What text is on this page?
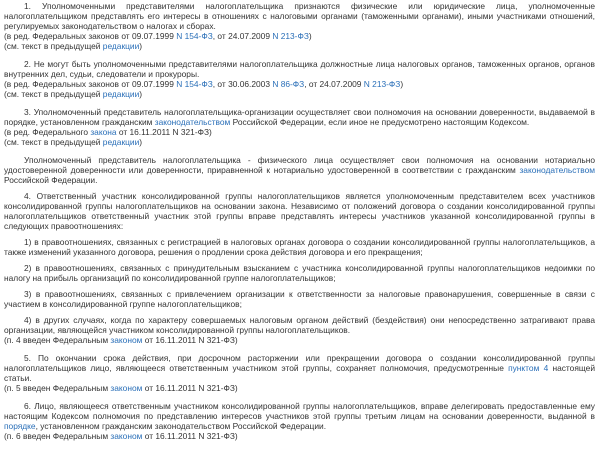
1. Уполномоченными представителями налогоплательщика признаются физические или юридические лица, уполномоченные налогоплательщиком представлять его интересы в отношениях с налоговыми органами (таможенными органами), иными участниками отношений, регулируемых законодательством о налогах и сборах.

(в ред. Федеральных законов от 09.07.1999 N 154-ФЗ, от 24.07.2009 N 213-ФЗ)

(см. текст в предыдущей редакции)

2. Не могут быть уполномоченными представителями налогоплательщика должностные лица налоговых органов, таможенных органов, органов внутренних дел, судьи, следователи и прокуроры.

(в ред. Федеральных законов от 09.07.1999 N 154-ФЗ, от 30.06.2003 N 86-ФЗ, от 24.07.2009 N 213-ФЗ)

(см. текст в предыдущей редакции)

3. Уполномоченный представитель налогоплательщика-организации осуществляет свои полномочия на основании доверенности, выдаваемой в порядке, установленном гражданским законодательством Российской Федерации, если иное не предусмотрено настоящим Кодексом.

(в ред. Федерального закона от 16.11.2011 N 321-ФЗ)

(см. текст в предыдущей редакции)

Уполномоченный представитель налогоплательщика - физического лица осуществляет свои полномочия на основании нотариально удостоверенной доверенности или доверенности, приравненной к нотариально удостоверенной в соответствии с гражданским законодательством Российской Федерации.

4. Ответственный участник консолидированной группы налогоплательщиков является уполномоченным представителем всех участников консолидированной группы налогоплательщиков на основании закона. Независимо от положений договора о создании консолидированной группы налогоплательщиков ответственный участник этой группы вправе представлять интересы участников указанной консолидированной группы в следующих правоотношениях:

1) в правоотношениях, связанных с регистрацией в налоговых органах договора о создании консолидированной группы налогоплательщиков, а также изменений указанного договора, решения о продлении срока действия договора и его прекращения;

2) в правоотношениях, связанных с принудительным взысканием с участника консолидированной группы налогоплательщиков недоимки по налогу на прибыль организаций по консолидированной группе налогоплательщиков;

3) в правоотношениях, связанных с привлечением организации к ответственности за налоговые правонарушения, совершенные в связи с участием в консолидированной группе налогоплательщиков;

4) в других случаях, когда по характеру совершаемых налоговым органом действий (бездействия) они непосредственно затрагивают права организации, являющейся участником консолидированной группы налогоплательщиков.

(п. 4 введен Федеральным законом от 16.11.2011 N 321-ФЗ)

5. По окончании срока действия, при досрочном расторжении или прекращении договора о создании консолидированной группы налогоплательщиков лицо, являющееся ответственным участником этой группы, сохраняет полномочия, предусмотренные пунктом 4 настоящей статьи.

(п. 5 введен Федеральным законом от 16.11.2011 N 321-ФЗ)

6. Лицо, являющееся ответственным участником консолидированной группы налогоплательщиков, вправе делегировать предоставленные ему настоящим Кодексом полномочия по представлению интересов участников этой группы третьим лицам на основании доверенности, выданной в порядке, установленном гражданским законодательством Российской Федерации.

(п. 6 введен Федеральным законом от 16.11.2011 N 321-ФЗ)
